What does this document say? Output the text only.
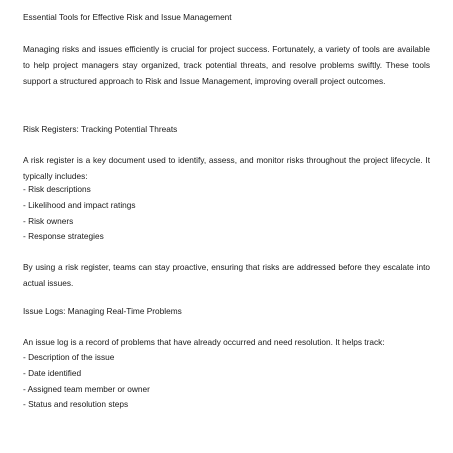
Essential Tools for Effective Risk and Issue Management

Managing risks and issues efficiently is crucial for project success. Fortunately, a variety of tools are available to help project managers stay organized, track potential threats, and resolve problems swiftly. These tools support a structured approach to Risk and Issue Management, improving overall project outcomes.

Risk Registers: Tracking Potential Threats

A risk register is a key document used to identify, assess, and monitor risks throughout the project lifecycle. It typically includes:

- Risk descriptions
- Likelihood and impact ratings
- Risk owners
- Response strategies

By using a risk register, teams can stay proactive, ensuring that risks are addressed before they escalate into actual issues.

Issue Logs: Managing Real-Time Problems

An issue log is a record of problems that have already occurred and need resolution. It helps track:

- Description of the issue
- Date identified
- Assigned team member or owner
- Status and resolution steps
